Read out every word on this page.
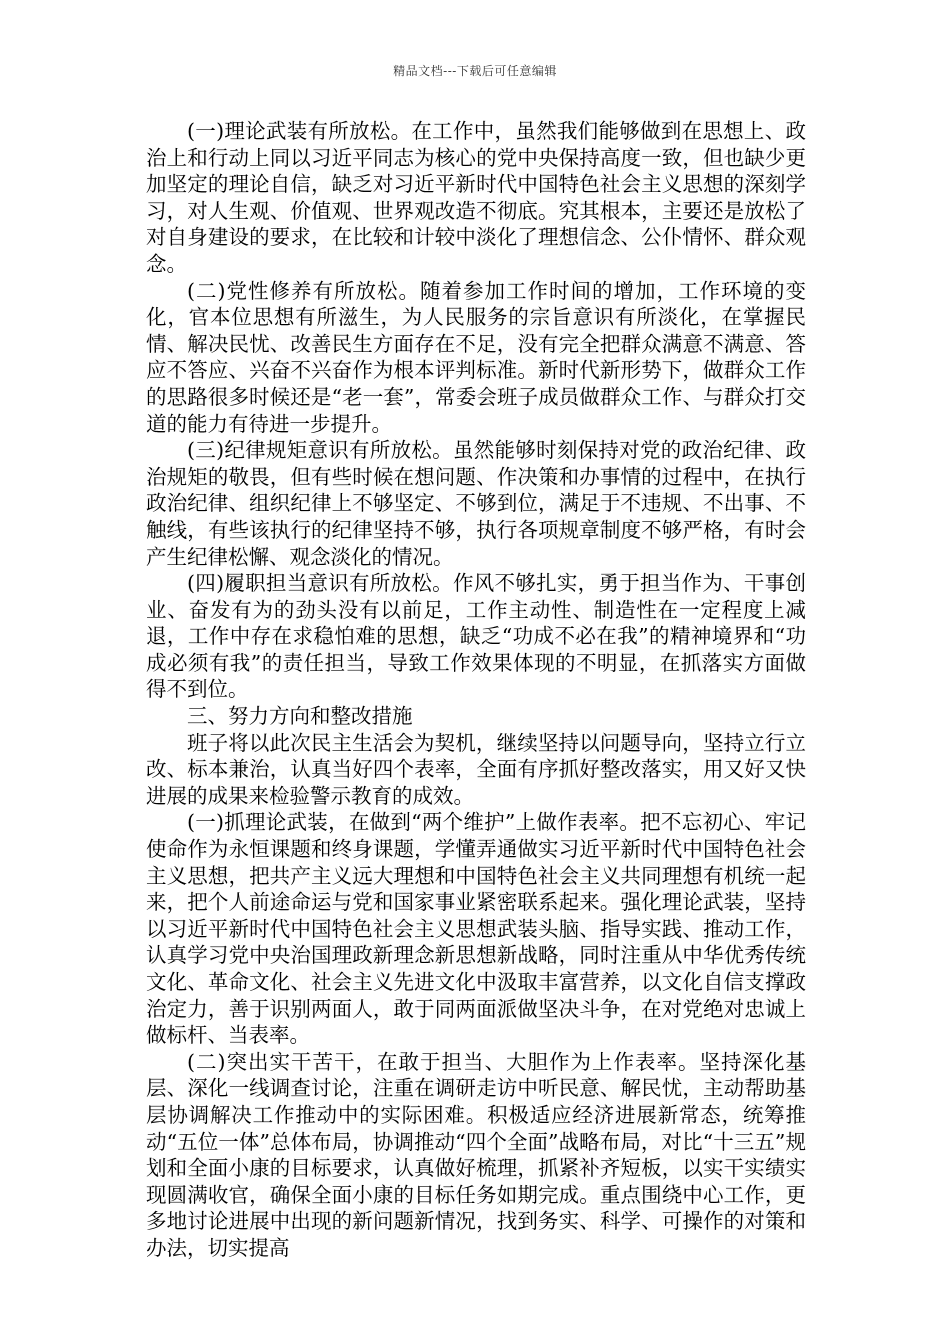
精品文档---下载后可任意编辑

(一)理论武装有所放松。在工作中，虽然我们能够做到在思想上、政治上和行动上同以习近平同志为核心的党中央保持高度一致，但也缺少更加坚定的理论自信，缺乏对习近平新时代中国特色社会主义思想的深刻学习，对人生观、价值观、世界观改造不彻底。究其根本，主要还是放松了对自身建设的要求，在比较和计较中淡化了理想信念、公仆情怀、群众观念。

(二)党性修养有所放松。随着参加工作时间的增加，工作环境的变化，官本位思想有所滋生，为人民服务的宗旨意识有所淡化，在掌握民情、解决民忧、改善民生方面存在不足，没有完全把群众满意不满意、答应不答应、兴奋不兴奋作为根本评判标准。新时代新形势下，做群众工作的思路很多时候还是“老一套”，常委会班子成员做群众工作、与群众打交道的能力有待进一步提升。

(三)纪律规矩意识有所放松。虽然能够时刻保持对党的政治纪律、政治规矩的敬畏，但有些时候在想问题、作决策和办事情的过程中，在执行政治纪律、组织纪律上不够坚定、不够到位，满足于不违规、不出事、不触线，有些该执行的纪律坚持不够，执行各项规章制度不够严格，有时会产生纪律松懈、观念淡化的情况。

(四)履职担当意识有所放松。作风不够扎实，勇于担当作为、干事创业、奋发有为的劲头没有以前足，工作主动性、制造性在一定程度上减退，工作中存在求稳怕难的思想，缺乏“功成不必在我”的精神境界和“功成必须有我”的责任担当，导致工作效果体现的不明显，在抓落实方面做得不到位。

三、努力方向和整改措施

班子将以此次民主生活会为契机，继续坚持以问题导向，坚持立行立改、标本兼治，认真当好四个表率，全面有序抓好整改落实，用又好又快进展的成果来检验警示教育的成效。

(一)抓理论武装，在做到“两个维护”上做作表率。把不忘初心、牢记使命作为永恒课题和终身课题，学懂弄通做实习近平新时代中国特色社会主义思想，把共产主义远大理想和中国特色社会主义共同理想有机统一起来，把个人前途命运与党和国家事业紧密联系起来。强化理论武装，坚持以习近平新时代中国特色社会主义思想武装头脑、指导实践、推动工作，认真学习党中央治国理政新理念新思想新战略，同时注重从中华优秀传统文化、革命文化、社会主义先进文化中汲取丰富营养，以文化自信支撑政治定力，善于识别两面人，敢于同两面派做坚决斗争，在对党绝对忠诚上做标杆、当表率。

(二)突出实干苦干，在敢于担当、大胆作为上作表率。坚持深化基层、深化一线调查讨论，注重在调研走访中听民意、解民忧，主动帮助基层协调解决工作推动中的实际困难。积极适应经济进展新常态，统筹推动“五位一体”总体布局，协调推动“四个全面”战略布局，对比“十三五”规划和全面小康的目标要求，认真做好梳理，抓紧补齐短板，以实干实绩实现圆满收官，确保全面小康的目标任务如期完成。重点围绕中心工作，更多地讨论进展中出现的新问题新情况，找到务实、科学、可操作的对策和办法，切实提高
